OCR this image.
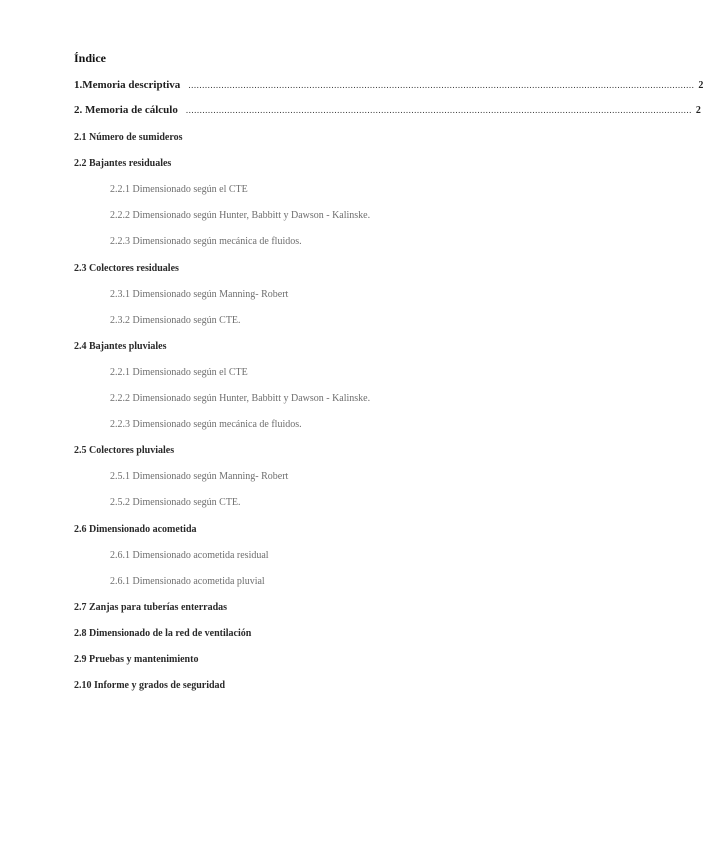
Índice
1.Memoria descriptiva ........................................................................................................................................................................................ 2
2. Memoria de cálculo ........................................................................................................................................................................................ 2
2.1 Número de sumideros
2.2 Bajantes residuales
2.2.1 Dimensionado según el CTE
2.2.2 Dimensionado según Hunter, Babbitt y Dawson - Kalinske.
2.2.3 Dimensionado según mecánica de fluidos.
2.3 Colectores residuales
2.3.1 Dimensionado según Manning- Robert
2.3.2 Dimensionado según CTE.
2.4 Bajantes pluviales
2.2.1 Dimensionado según el CTE
2.2.2 Dimensionado según Hunter, Babbitt y Dawson - Kalinske.
2.2.3 Dimensionado según mecánica de fluidos.
2.5 Colectores pluviales
2.5.1 Dimensionado según Manning- Robert
2.5.2 Dimensionado según CTE.
2.6 Dimensionado acometida
2.6.1 Dimensionado acometida residual
2.6.1 Dimensionado acometida pluvial
2.7 Zanjas para tuberías enterradas
2.8 Dimensionado de la red de ventilación
2.9 Pruebas y mantenimiento
2.10 Informe y grados de seguridad
